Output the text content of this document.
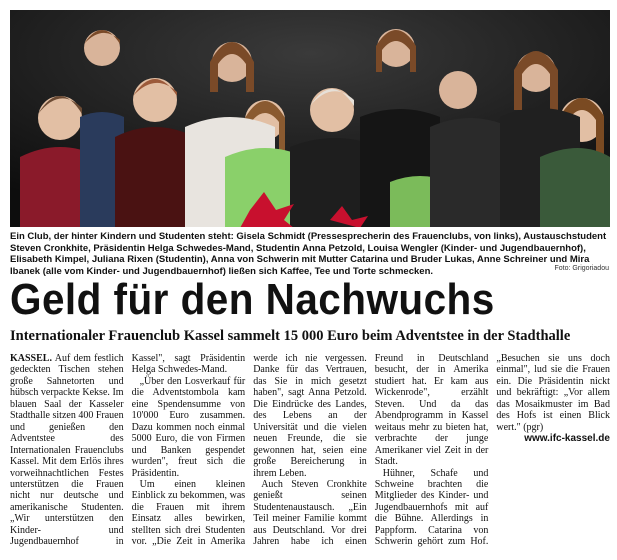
Ein Club, der hinter Kindern und Studenten steht: Gisela Schmidt (Pressesprecherin des Frauenclubs, von links), Austauschstudent Steven Cronkhite, Präsidentin Helga Schwedes-Mand, Studentin Anna Petzold, Louisa Wengler (Kinder- und Jugendbauernhof), Elisabeth Kimpel, Juliana Rixen (Studentin), Anna von Schwerin mit Mutter Catarina und Bruder Lukas, Anne Schreiner und Mira Ibanek (alle vom Kinder- und Jugendbauernhof) ließen sich Kaffee, Tee und Torte schmecken.	Foto: Grigoriadou
Geld für den Nachwuchs
Internationaler Frauenclub Kassel sammelt 15 000 Euro beim Adventstee in der Stadthalle

KASSEL. Auf dem festlich gedeckten Tischen stehen große Sahnetorten und hübsch verpackte Kekse. Im blauen Saal der Kasseler Stadthalle sitzen 400 Frauen und genießen den Adventstee des Internationalen Frauenclubs Kassel. Mit dem Erlös ihres vorweihnachtlichen Festes unterstützen die Frauen nicht nur deutsche und amerikanische Studenten. „Wir unterstützen den Kinder- und Jugendbauernhof in Kassel", sagt Präsidentin Helga Schwedes-Mand.

„Über den Losverkauf für die Adventstombola kam eine Spendensumme von 10'000 Euro zusammen. Dazu kommen noch einmal 5000 Euro, die von Firmen und Banken gespendet wurden", freut sich die Präsidentin.

Um einen kleinen Einblick zu bekommen, was die Frauen mit ihrem Einsatz alles bewirken, stellten sich drei Studenten vor. „Die Zeit in Amerika werde ich nie vergessen. Danke für das Vertrauen, das Sie in mich gesetzt haben", sagt Anna Petzold. Die Eindrücke des Landes, des Lebens an der Universität und die vielen neuen Freunde, die sie gewonnen hat, seien eine große Bereicherung in ihrem Leben.

Auch Steven Cronkhite genießt seinen Studentenaustausch. „Ein Teil meiner Familie kommt aus Deutschland. Vor drei Jahren habe ich einen Freund in Deutschland besucht, der in Amerika studiert hat. Er kam aus Wickenrode", erzählt Steven. Und da das Abendprogramm in Kassel weitaus mehr zu bieten hat, verbrachte der junge Amerikaner viel Zeit in der Stadt.

Hühner, Schafe und Schweine brachten die Mitglieder des Kinder- und Jugendbauernhofs mit auf die Bühne. Allerdings in Pappform. Catarina von Schwerin gehört zum Hof. „Besuchen sie uns doch einmal", lud sie die Frauen ein. Die Präsidentin nickt und bekräftigt: „Vor allem das Mosaikmuster im Bad des Hofs ist einen Blick wert." (pgr)

www.ifc-kassel.de
